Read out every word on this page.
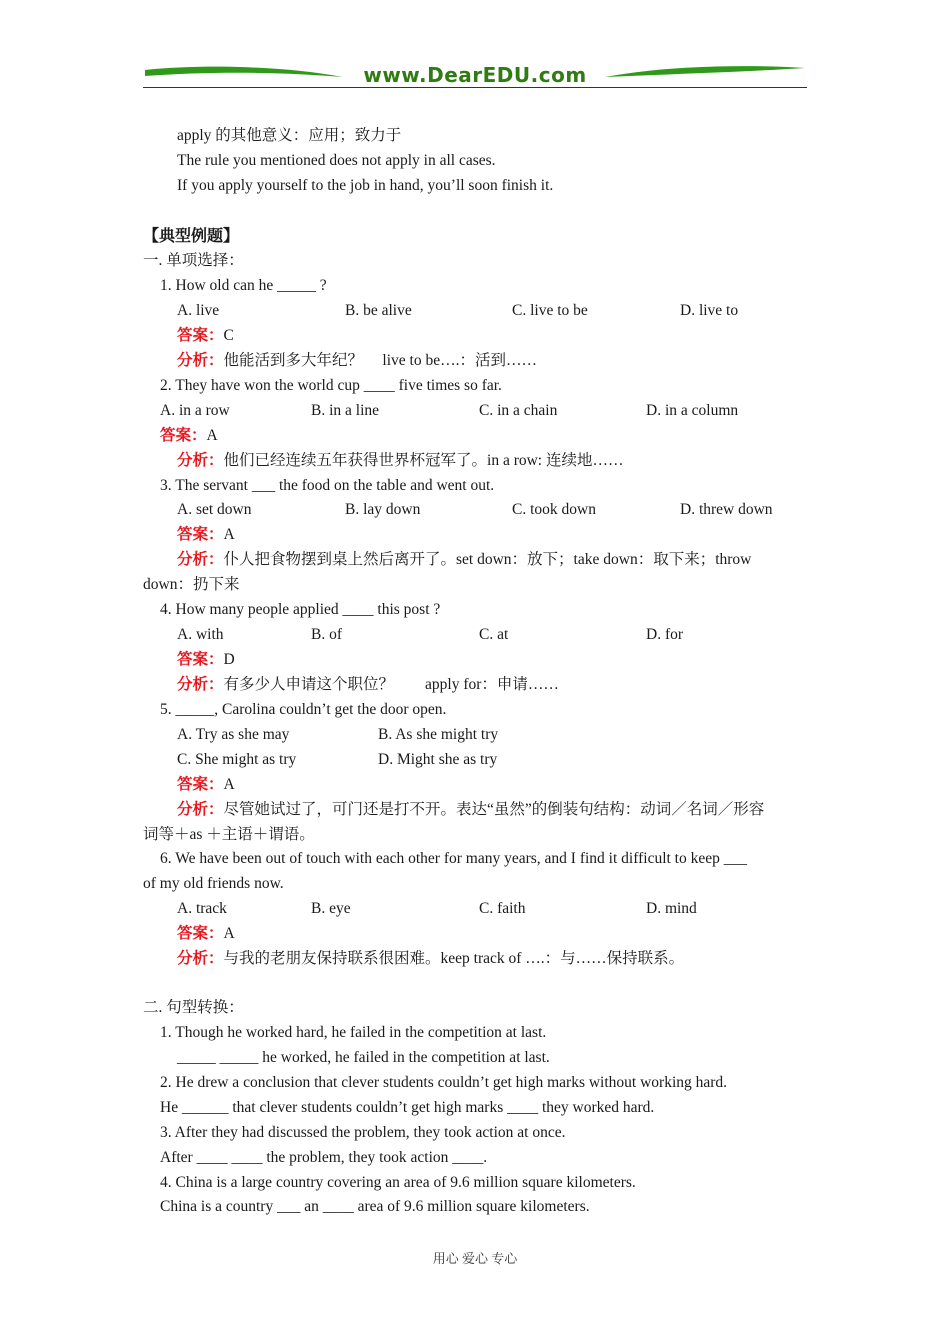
www.DearEDU.com
apply 的其他意义：应用；致力于
The rule you mentioned does not apply in all cases.
If you apply yourself to the job in hand, you’ll soon finish it.
【典型例题】
一. 单项选择：
1. How old can he _____ ?
A. live	B. be alive	C. live to be	D. live to
答案：C
分析：他能活到多大年纪？　 live to be….：活到……
2. They have won the world cup ____ five times so far.
A. in a row	B. in a line	C. in a chain	D. in a column
答案：A
分析：他们已经连续五年获得世界杯冠军了。in a row: 连续地……
3. The servant ___ the food on the table and went out.
A. set down	B. lay down	C. took down	D. threw down
答案：A
分析：仆人把食物摆到桌上然后离开了。set down：放下；take down：取下来；throw
down：扔下来
4. How many people applied ____ this post ?
A. with	B. of	C. at	D. for
答案：D
分析：有多少人申请这个职位？　　apply for：申请……
5. _____, Carolina couldn’t get the door open.
A. Try as she may	B. As she might try
C. She might as try	D. Might she as try
答案：A
分析：尽管她试过了，可门还是打不开。表达“虽然”的倒装句结构：动词／名词／形容
词等＋as ＋主语＋谓语。
6. We have been out of touch with each other for many years, and I find it difficult to keep ___
of my old friends now.
A. track	B. eye	C. faith	D. mind
答案：A
分析：与我的老朋友保持联系很困难。keep track of ….：与……保持联系。
二. 句型转换：
1. Though he worked hard, he failed in the competition at last.
_____ _____ he worked, he failed in the competition at last.
2. He drew a conclusion that clever students couldn’t get high marks without working hard.
He ______ that clever students couldn’t get high marks ____ they worked hard.
3. After they had discussed the problem, they took action at once.
After ____ ____ the problem, they took action ____.
4. China is a large country covering an area of 9.6 million square kilometers.
China is a country ___ an ____ area of 9.6 million square kilometers.
用心 爱心 专心
